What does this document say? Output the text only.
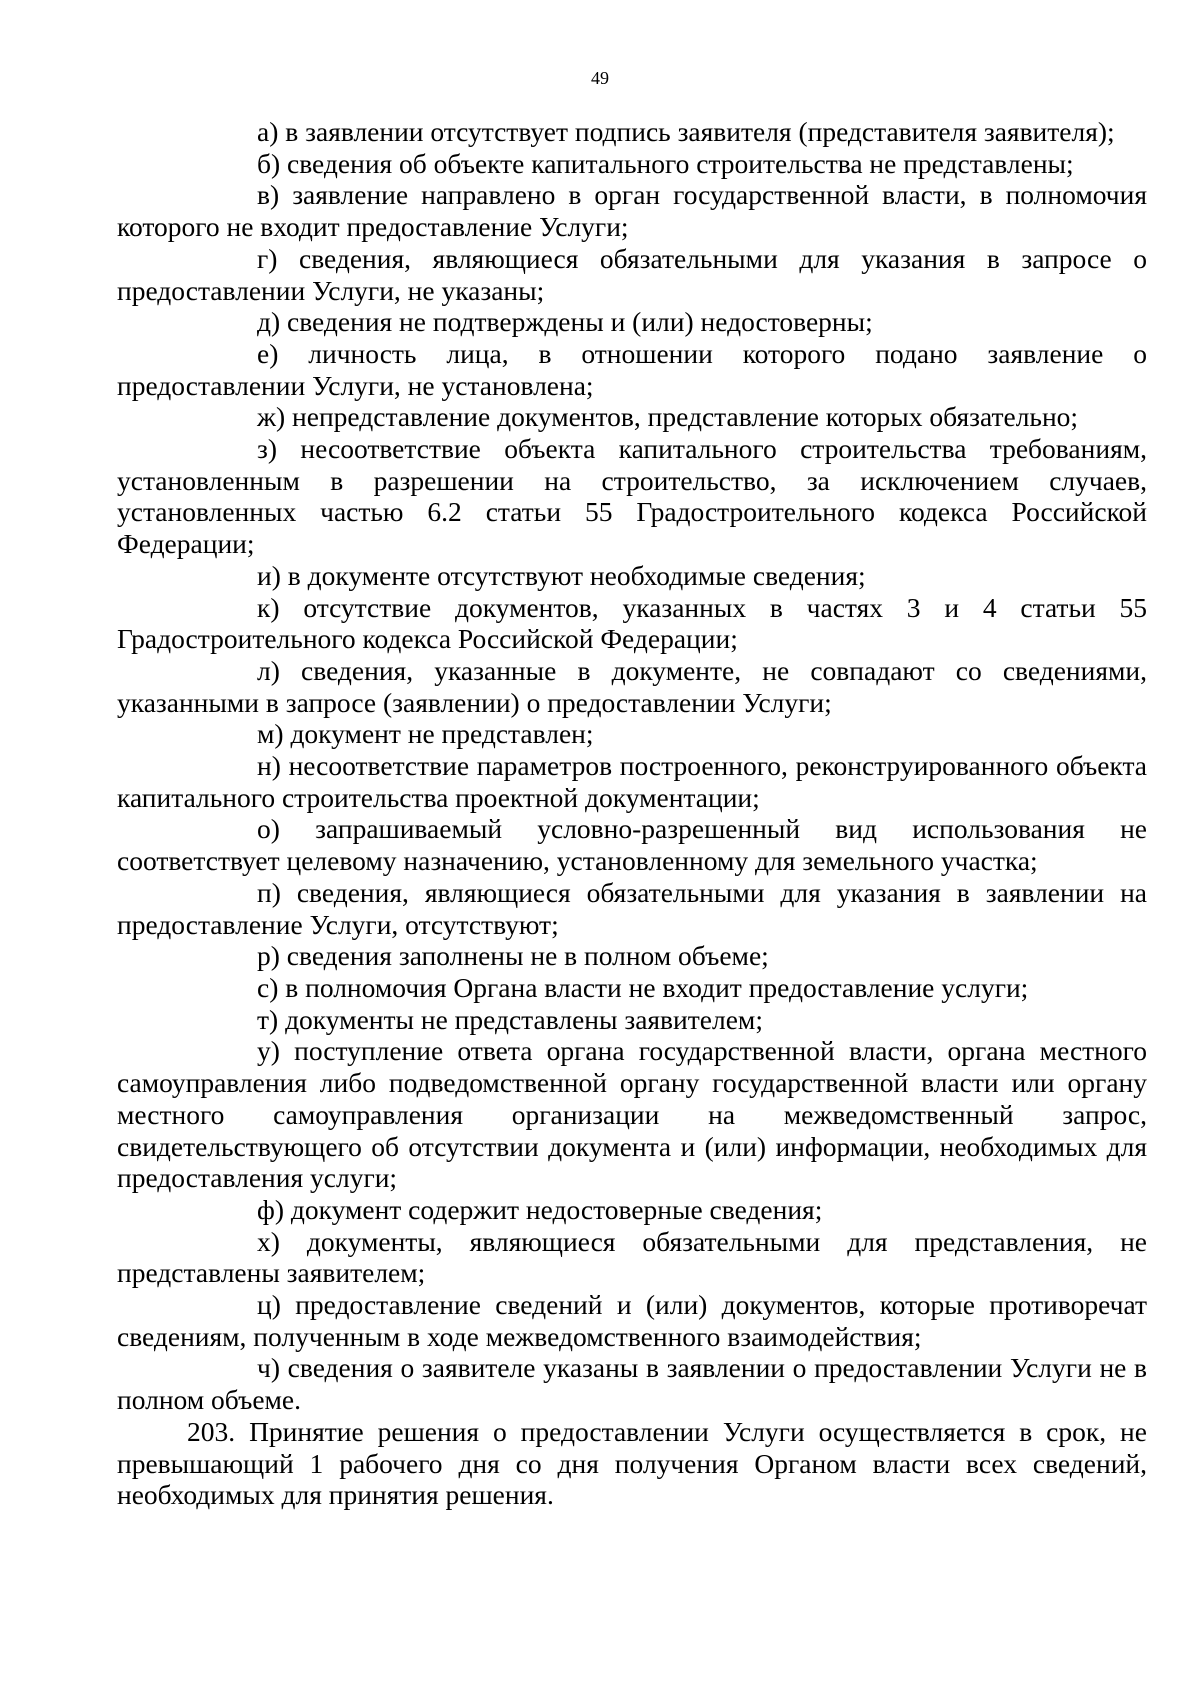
49

а) в заявлении отсутствует подпись заявителя (представителя заявителя);

б) сведения об объекте капитального строительства не представлены;

в) заявление направлено в орган государственной власти, в полномочия которого не входит предоставление Услуги;

г) сведения, являющиеся обязательными для указания в запросе о предоставлении Услуги, не указаны;

д) сведения не подтверждены и (или) недостоверны;

е) личность лица, в отношении которого подано заявление о предоставлении Услуги, не установлена;

ж) непредставление документов, представление которых обязательно;

з) несоответствие объекта капитального строительства требованиям, установленным в разрешении на строительство, за исключением случаев, установленных частью 6.2 статьи 55 Градостроительного кодекса Российской Федерации;

и) в документе отсутствуют необходимые сведения;

к) отсутствие документов, указанных в частях 3 и 4 статьи 55 Градостроительного кодекса Российской Федерации;

л) сведения, указанные в документе, не совпадают со сведениями, указанными в запросе (заявлении) о предоставлении Услуги;

м) документ не представлен;

н) несоответствие параметров построенного, реконструированного объекта капитального строительства проектной документации;

о) запрашиваемый условно-разрешенный вид использования не соответствует целевому назначению, установленному для земельного участка;

п) сведения, являющиеся обязательными для указания в заявлении на предоставление Услуги, отсутствуют;

р) сведения заполнены не в полном объеме;

с) в полномочия Органа власти не входит предоставление услуги;

т) документы не представлены заявителем;

у) поступление ответа органа государственной власти, органа местного самоуправления либо подведомственной органу государственной власти или органу местного самоуправления организации на межведомственный запрос, свидетельствующего об отсутствии документа и (или) информации, необходимых для предоставления услуги;

ф) документ содержит недостоверные сведения;

х) документы, являющиеся обязательными для представления, не представлены заявителем;

ц) предоставление сведений и (или) документов, которые противоречат сведениям, полученным в ходе межведомственного взаимодействия;

ч) сведения о заявителе указаны в заявлении о предоставлении Услуги не в полном объеме.

203. Принятие решения о предоставлении Услуги осуществляется в срок, не превышающий 1 рабочего дня со дня получения Органом власти всех сведений, необходимых для принятия решения.
